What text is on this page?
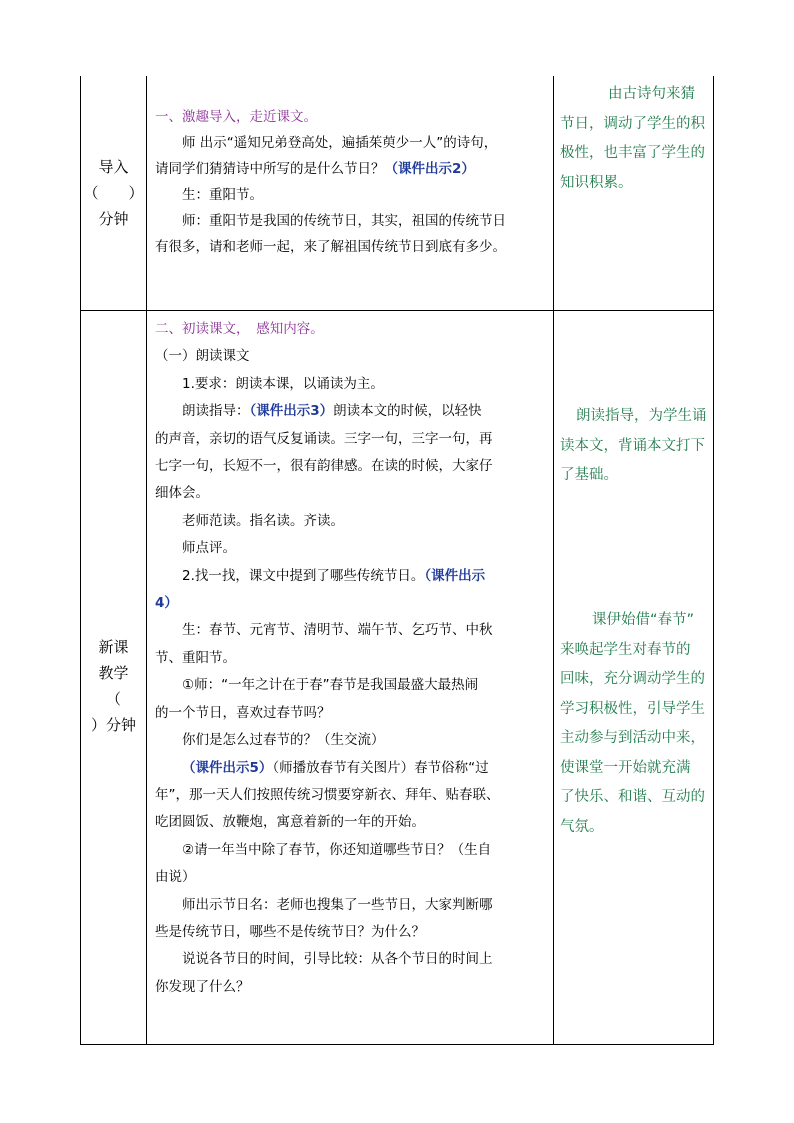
导入
（　　）
分钟
一、激趣导入，走近课文。
师 出示“遥知兄弟登高处，遍插茱萸少一人”的诗句，
请同学们猜猜诗中所写的是什么节日？（课件出示2）
生：重阳节。
师：重阳节是我国的传统节日，其实，祖国的传统节日
有很多，请和老师一起，来了解祖国传统节日到底有多少。
由古诗句来猜
节日，调动了学生的积
极性，也丰富了学生的
知识积累。
新课
教学
（
）分钟
二、初读课文，　感知内容。
（一）朗读课文
1.要求：朗读本课，以诵读为主。
朗读指导：（课件出示3）朗读本文的时候，以轻快
的声音，亲切的语气反复诵读。三字一句，三字一句，再
七字一句，长短不一，很有韵律感。在读的时候，大家仔
细体会。
老师范读。指名读。齐读。
师点评。
2.找一找，课文中提到了哪些传统节日。（课件出示
4）
生：春节、元宵节、清明节、端午节、乞巧节、中秋
节、重阳节。
①师：“一年之计在于春”春节是我国最盛大最热闹
的一个节日，喜欢过春节吗？
你们是怎么过春节的？（生交流）
（课件出示5）（师播放春节有关图片）春节俗称“过
年”，那一天人们按照传统习惯要穿新衣、拜年、贴春联、
吃团圆饭、放鞭炮，寓意着新的一年的开始。
②请一年当中除了春节，你还知道哪些节日？（生自
由说）
师出示节日名：老师也搜集了一些节日，大家判断哪
些是传统节日，哪些不是传统节日？为什么？
说说各节日的时间，引导比较：从各个节日的时间上
你发现了什么？
朗读指导，为学生诵
读本文，背诵本文打下
了基础。
课伊始借“春节”
来唤起学生对春节的
回味，充分调动学生的
学习积极性，引导学生
主动参与到活动中来，
使课堂一开始就充满
了快乐、和谐、互动的
气氛。
